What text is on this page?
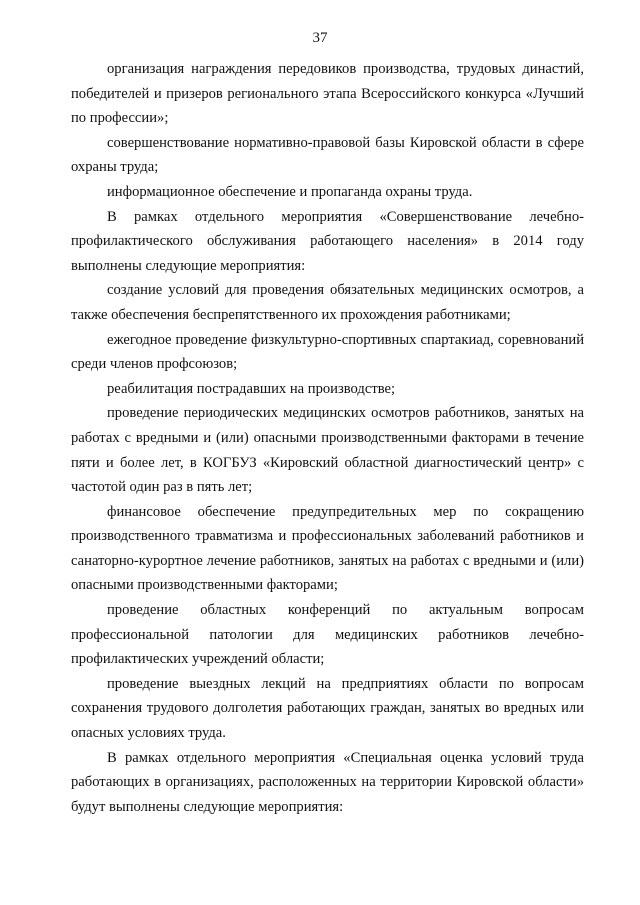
37

организация награждения передовиков производства, трудовых династий, победителей и призеров регионального этапа Всероссийского конкурса «Лучший по профессии»;

совершенствование нормативно-правовой базы Кировской области в сфере охраны труда;

информационное обеспечение и пропаганда охраны труда.

В рамках отдельного мероприятия «Совершенствование лечебно-профилактического обслуживания работающего населения» в 2014 году выполнены следующие мероприятия:

создание условий для проведения обязательных медицинских осмотров, а также обеспечения беспрепятственного их прохождения работниками;

ежегодное проведение физкультурно-спортивных спартакиад, соревнований среди членов профсоюзов;

реабилитация пострадавших на производстве;

проведение периодических медицинских осмотров работников, занятых на работах с вредными и (или) опасными производственными факторами в течение пяти и более лет, в КОГБУЗ «Кировский областной диагностический центр» с частотой один раз в пять лет;

финансовое обеспечение предупредительных мер по сокращению производственного травматизма и профессиональных заболеваний работников и санаторно-курортное лечение работников, занятых на работах с вредными и (или) опасными производственными факторами;

проведение областных конференций по актуальным вопросам профессиональной патологии для медицинских работников лечебно-профилактических учреждений области;

проведение выездных лекций на предприятиях области по вопросам сохранения трудового долголетия работающих граждан, занятых во вредных или опасных условиях труда.

В рамках отдельного мероприятия «Специальная оценка условий труда работающих в организациях, расположенных на территории Кировской области» будут выполнены следующие мероприятия:
